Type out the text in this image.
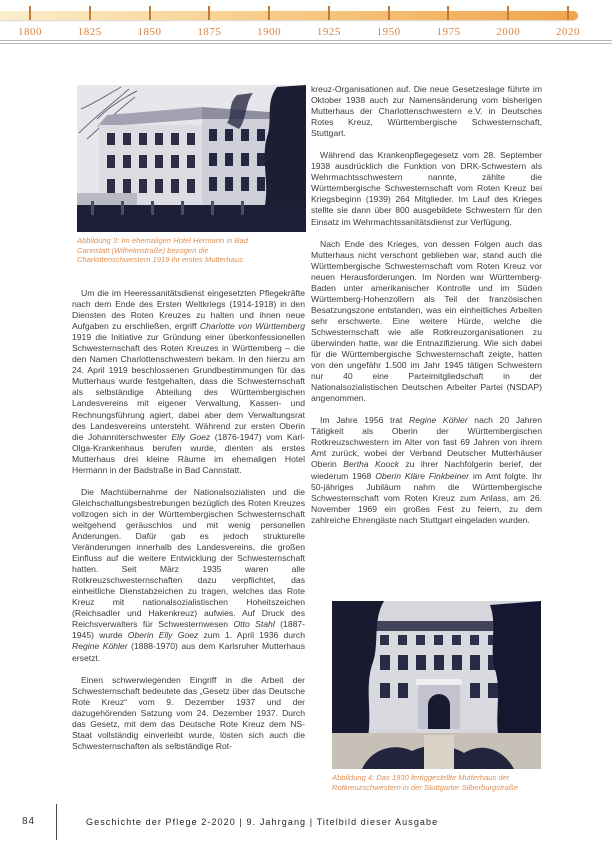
1800	1825	1850	1875	1900	1925	1950	1975	2000	2020
Abbildung 3: Im ehemaligen Hotel Hermann in Bad Cannstatt (Wilhelmstraße) bezogen die Charlottenschwestern 1919 ihr erstes Mutterhaus
Abbildung 4: Das 1930 fertiggestellte Mutterhaus der Rotkreuzschwestern in der Stuttgarter Silberburgstraße

Um die im Heeressanitätsdienst eingesetzten Pflegekräfte nach dem Ende des Ersten Weltkriegs (1914-1918) in den Diensten des Roten Kreuzes zu halten und ihnen neue Aufgaben zu erschließen, ergriff Charlotte von Württemberg 1919 die Initiative zur Gründung einer überkonfessionellen Schwesternschaft des Roten Kreuzes in Württemberg – die den Namen Charlottenschwestern bekam. In den hierzu am 24. April 1919 beschlossenen Grundbestimmungen für das Mutterhaus wurde festgehalten, dass die Schwesternschaft als selbständige Abteilung des Württembergischen Landesvereins mit eigener Verwaltung, Kassen- und Rechnungsführung agiert, dabei aber dem Verwaltungsrat des Landesvereins untersteht. Während zur ersten Oberin die Johanniterschwester Elly Goez (1876-1947) vom Karl-Olga-Krankenhaus berufen wurde, dienten als erstes Mutterhaus drei kleine Räume im ehemaligen Hotel Hermann in der Badstraße in Bad Cannstatt.

Die Machtübernahme der Nationalsozialisten und die Gleichschaltungsbestrebungen bezüglich des Roten Kreuzes vollzogen sich in der Württembergischen Schwesternschaft weitgehend geräuschlos und mit wenig personellen Änderungen. Dafür gab es jedoch strukturelle Veränderungen innerhalb des Landesvereins, die großen Einfluss auf die weitere Entwicklung der Schwesternschaft hatten. Seit März 1935 waren alle Rotkreuzschwesternschaften dazu verpflichtet, das einheitliche Dienstabzeichen zu tragen, welches das Rote Kreuz mit nationalsozialistischen Hoheitszeichen (Reichsadler und Hakenkreuz) aufwies. Auf Druck des Reichsverwalters für Schwesternwesen Otto Stahl (1887-1945) wurde Oberin Elly Goez zum 1. April 1936 durch Regine Köhler (1888-1970) aus dem Karlsruher Mutterhaus ersetzt.

Einen schwerwiegenden Eingriff in die Arbeit der Schwesternschaft bedeutete das „Gesetz über das Deutsche Rote Kreuz“ vom 9. Dezember 1937 und der dazugehörenden Satzung vom 24. Dezember 1937. Durch das Gesetz, mit dem das Deutsche Rote Kreuz dem NS-Staat vollständig einverleibt wurde, lösten sich auch die Schwesternschaften als selbständige Rot-

kreuz-Organisationen auf. Die neue Gesetzeslage führte im Oktober 1938 auch zur Namensänderung vom bisherigen Mutterhaus der Charlottenschwestern e.V. in Deutsches Rotes Kreuz, Württembergische Schwesternschaft, Stuttgart.

Während das Krankenpflegegesetz vom 28. September 1938 ausdrücklich die Funktion von DRK-Schwestern als Wehrmachtsschwestern nannte, zählte die Württembergische Schwesternschaft vom Roten Kreuz bei Kriegsbeginn (1939) 264 Mitglieder. Im Lauf des Krieges stellte sie dann über 800 ausgebildete Schwestern für den Einsatz im Wehrmachtssanitätsdienst zur Verfügung.

Nach Ende des Krieges, von dessen Folgen auch das Mutterhaus nicht verschont geblieben war, stand auch die Württembergische Schwesternschaft vom Roten Kreuz vor neuen Herausforderungen. Im Norden war Württemberg-Baden unter amerikanischer Kontrolle und im Süden Württemberg-Hohenzollern als Teil der französischen Besatzungszone entstanden, was ein einheitliches Arbeiten sehr erschwerte. Eine weitere Hürde, welche die Schwesternschaft wie alle Rotkreuzorganisationen zu überwinden hatte, war die Entnazifizierung. Wie sich dabei für die Württembergische Schwesternschaft zeigte, hatten von den ungefähr 1.500 im Jahr 1945 tätigen Schwestern nur 40 eine Parteimitgliedschaft in der Nationalsozialistischen Deutschen Arbeiter Partei (NSDAP) angenommen.

Im Jahre 1956 trat Regine Köhler nach 20 Jahren Tätigkeit als Oberin der Württembergischen Rotkreuzschwestern im Alter von fast 69 Jahren von ihrem Amt zurück, wobei der Verband Deutscher Mutterhäuser Oberin Bertha Koock zu ihrer Nachfolgerin berief, der wiederum 1968 Oberin Kläre Finkbeiner im Amt folgte. Ihr 50-jähriges Jubiläum nahm die Württembergische Schwesternschaft vom Roten Kreuz zum Anlass, am 26. November 1969 ein großes Fest zu feiern, zu dem zahlreiche Ehrengäste nach Stuttgart eingeladen wurden.

84	Geschichte der Pflege 2-2020 | 9. Jahrgang | Titelbild dieser Ausgabe
